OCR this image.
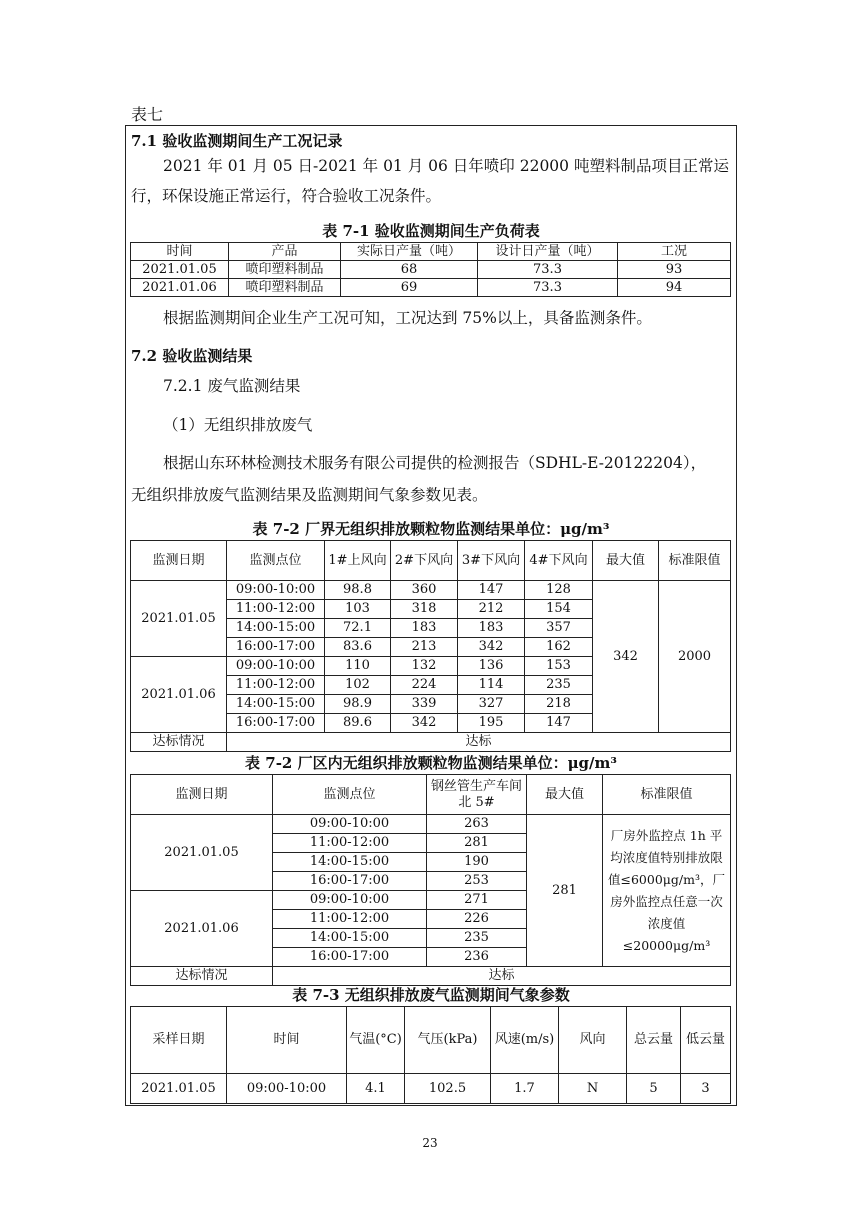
表七
7.1 验收监测期间生产工况记录
2021 年 01 月 05 日-2021 年 01 月 06 日年喷印 22000 吨塑料制品项目正常运
行，环保设施正常运行，符合验收工况条件。
表 7-1 验收监测期间生产负荷表
时间	产品	实际日产量（吨）	设计日产量（吨）	工况
2021.01.05	喷印塑料制品	68	73.3	93
2021.01.06	喷印塑料制品	69	73.3	94
根据监测期间企业生产工况可知，工况达到 75%以上，具备监测条件。
7.2 验收监测结果
7.2.1 废气监测结果
（1）无组织排放废气
根据山东环林检测技术服务有限公司提供的检测报告（SDHL-E-20122204），
无组织排放废气监测结果及监测期间气象参数见表。
表 7-2 厂界无组织排放颗粒物监测结果单位：μg/m³
监测日期	监测点位	1#上风向	2#下风向	3#下风向	4#下风向	最大值	标准限值
2021.01.05	09:00-10:00	98.8	360	147	128	342	2000
	11:00-12:00	103	318	212	154		
	14:00-15:00	72.1	183	183	357		
	16:00-17:00	83.6	213	342	162		
2021.01.06	09:00-10:00	110	132	136	153		
	11:00-12:00	102	224	114	235		
	14:00-15:00	98.9	339	327	218		
	16:00-17:00	89.6	342	195	147		
达标情况	达标						
表 7-2 厂区内无组织排放颗粒物监测结果单位：μg/m³
监测日期	监测点位	钢丝管生产车间北 5#	最大值	标准限值
2021.01.05	09:00-10:00	263	281	厂房外监控点 1h 平均浓度值特别排放限值≤6000μg/m³，厂房外监控点任意一次浓度值≤20000μg/m³
	11:00-12:00	281		
	14:00-15:00	190		
	16:00-17:00	253		
2021.01.06	09:00-10:00	271		
	11:00-12:00	226		
	14:00-15:00	235		
	16:00-17:00	236		
达标情况	达标			
表 7-3 无组织排放废气监测期间气象参数
采样日期	时间	气温(°C)	气压(kPa)	风速(m/s)	风向	总云量	低云量
2021.01.05	09:00-10:00	4.1	102.5	1.7	N	5	3
23
